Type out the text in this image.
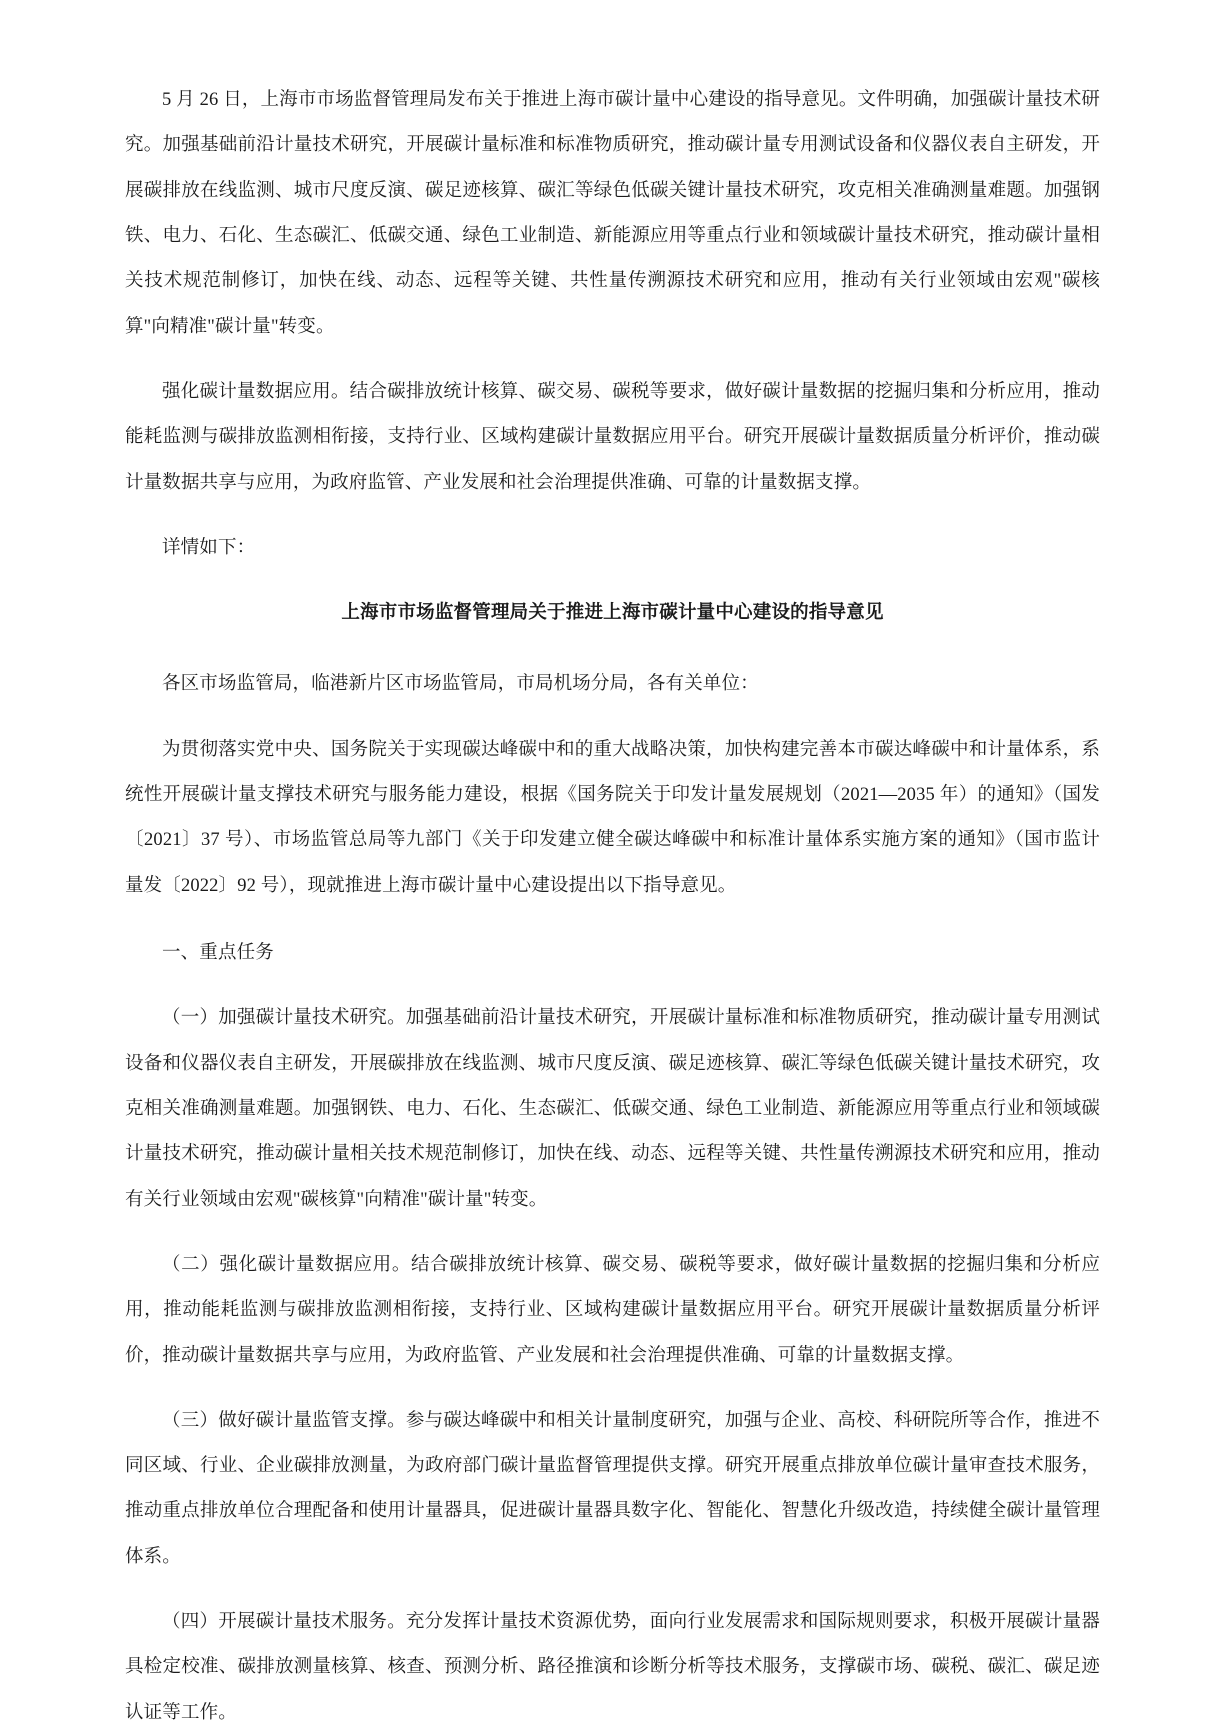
5 月 26 日，上海市市场监督管理局发布关于推进上海市碳计量中心建设的指导意见。文件明确，加强碳计量技术研究。加强基础前沿计量技术研究，开展碳计量标准和标准物质研究，推动碳计量专用测试设备和仪器仪表自主研发，开展碳排放在线监测、城市尺度反演、碳足迹核算、碳汇等绿色低碳关键计量技术研究，攻克相关准确测量难题。加强钢铁、电力、石化、生态碳汇、低碳交通、绿色工业制造、新能源应用等重点行业和领域碳计量技术研究，推动碳计量相关技术规范制修订，加快在线、动态、远程等关键、共性量传溯源技术研究和应用，推动有关行业领域由宏观"碳核算"向精准"碳计量"转变。

强化碳计量数据应用。结合碳排放统计核算、碳交易、碳税等要求，做好碳计量数据的挖掘归集和分析应用，推动能耗监测与碳排放监测相衔接，支持行业、区域构建碳计量数据应用平台。研究开展碳计量数据质量分析评价，推动碳计量数据共享与应用，为政府监管、产业发展和社会治理提供准确、可靠的计量数据支撑。

详情如下：

上海市市场监督管理局关于推进上海市碳计量中心建设的指导意见

各区市场监管局，临港新片区市场监管局，市局机场分局，各有关单位：

为贯彻落实党中央、国务院关于实现碳达峰碳中和的重大战略决策，加快构建完善本市碳达峰碳中和计量体系，系统性开展碳计量支撑技术研究与服务能力建设，根据《国务院关于印发计量发展规划（2021—2035 年）的通知》（国发〔2021〕37 号）、市场监管总局等九部门《关于印发建立健全碳达峰碳中和标准计量体系实施方案的通知》（国市监计量发〔2022〕92 号），现就推进上海市碳计量中心建设提出以下指导意见。

一、重点任务

（一）加强碳计量技术研究。加强基础前沿计量技术研究，开展碳计量标准和标准物质研究，推动碳计量专用测试设备和仪器仪表自主研发，开展碳排放在线监测、城市尺度反演、碳足迹核算、碳汇等绿色低碳关键计量技术研究，攻克相关准确测量难题。加强钢铁、电力、石化、生态碳汇、低碳交通、绿色工业制造、新能源应用等重点行业和领域碳计量技术研究，推动碳计量相关技术规范制修订，加快在线、动态、远程等关键、共性量传溯源技术研究和应用，推动有关行业领域由宏观"碳核算"向精准"碳计量"转变。

（二）强化碳计量数据应用。结合碳排放统计核算、碳交易、碳税等要求，做好碳计量数据的挖掘归集和分析应用，推动能耗监测与碳排放监测相衔接，支持行业、区域构建碳计量数据应用平台。研究开展碳计量数据质量分析评价，推动碳计量数据共享与应用，为政府监管、产业发展和社会治理提供准确、可靠的计量数据支撑。

（三）做好碳计量监管支撑。参与碳达峰碳中和相关计量制度研究，加强与企业、高校、科研院所等合作，推进不同区域、行业、企业碳排放测量，为政府部门碳计量监督管理提供支撑。研究开展重点排放单位碳计量审查技术服务，推动重点排放单位合理配备和使用计量器具，促进碳计量器具数字化、智能化、智慧化升级改造，持续健全碳计量管理体系。

（四）开展碳计量技术服务。充分发挥计量技术资源优势，面向行业发展需求和国际规则要求，积极开展碳计量器具检定校准、碳排放测量核算、核查、预测分析、路径推演和诊断分析等技术服务，支撑碳市场、碳税、碳汇、碳足迹认证等工作。
